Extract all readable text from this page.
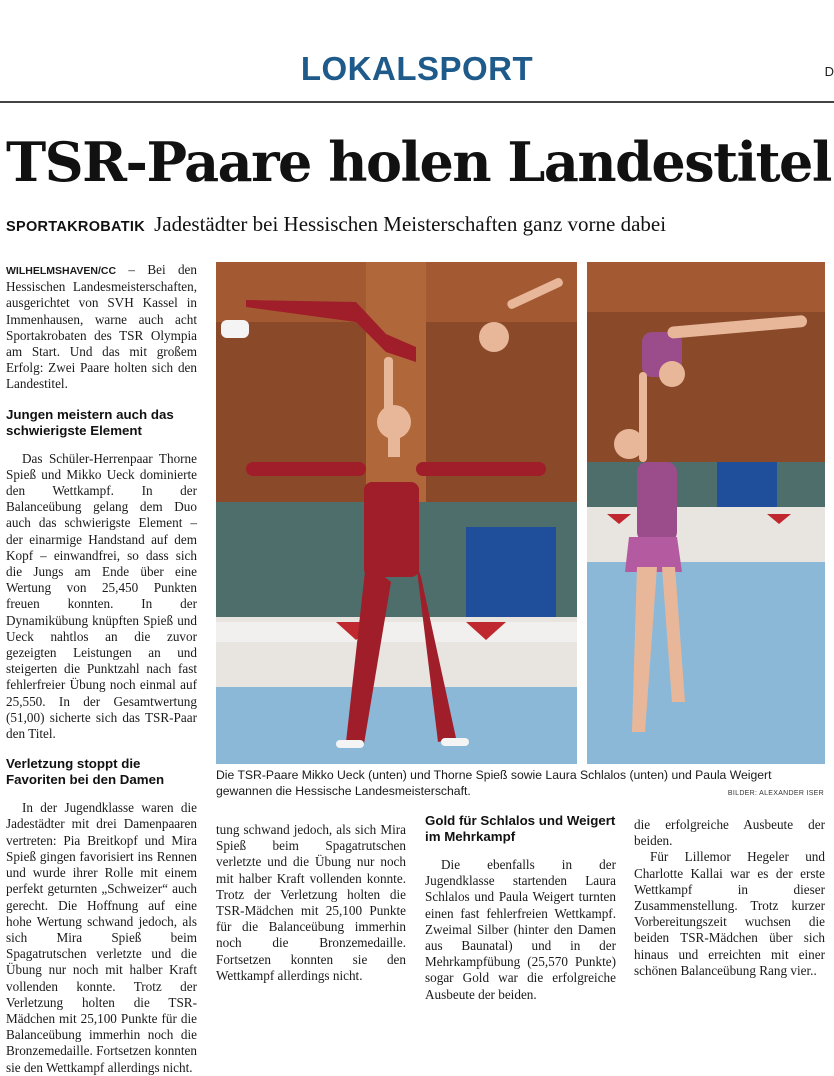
LOKALSPORT	D
TSR-Paare holen Landestitel
SPORTAKROBATIK Jadestädter bei Hessischen Meisterschaften ganz vorne dabei

WILHELMSHAVEN/CC – Bei den Hessischen Landesmeisterschaften, ausgerichtet von SVH Kassel in Immenhausen, warne auch acht Sportakrobaten des TSR Olympia am Start. Und das mit großem Erfolg: Zwei Paare holten sich den Landestitel.

Jungen meistern auch das schwierigste Element

Das Schüler-Herrenpaar Thorne Spieß und Mikko Ueck dominierte den Wettkampf. In der Balanceübung gelang dem Duo auch das schwierigste Element – der einarmige Handstand auf dem Kopf – einwandfrei, so dass sich die Jungs am Ende über eine Wertung von 25,450 Punkten freuen konnten. In der Dynamikübung knüpften Spieß und Ueck nahtlos an die zuvor gezeigten Leistungen an und steigerten die Punktzahl nach fast fehlerfreier Übung noch einmal auf 25,550. In der Gesamtwertung (51,00) sicherte sich das TSR-Paar den Titel.

Verletzung stoppt die Favoriten bei den Damen

In der Jugendklasse waren die Jadestädter mit drei Damenpaaren vertreten: Pia Breitkopf und Mira Spieß gingen favorisiert ins Rennen und wurde ihrer Rolle mit einem perfekt geturnten „Schweizer“ auch gerecht. Die Hoffnung auf eine hohe Wertung schwand jedoch, als sich Mira Spieß beim Spagatrutschen verletzte und die Übung nur noch mit halber Kraft vollenden konnte. Trotz der Verletzung holten die TSR-Mädchen mit 25,100 Punkte für die Balanceübung immerhin noch die Bronzemedaille. Fortsetzen konnten sie den Wettkampf allerdings nicht.

Die TSR-Paare Mikko Ueck (unten) und Thorne Spieß sowie Laura Schlalos (unten) und Paula Weigert gewannen die Hessische Landesmeisterschaft.	BILDER: ALEXANDER ISER

tung schwand jedoch, als sich Mira Spieß beim Spagatrutschen verletzte und die Übung nur noch mit halber Kraft vollenden konnte. Trotz der Verletzung holten die TSR-Mädchen mit 25,100 Punkte für die Balanceübung immerhin noch die Bronzemedaille. Fortsetzen konnten sie den Wettkampf allerdings nicht.

Gold für Schlalos und Weigert im Mehrkampf

Die ebenfalls in der Jugendklasse startenden Laura Schlalos und Paula Weigert turnten einen fast fehlerfreien Wettkampf. Zweimal Silber (hinter den Damen aus Baunatal) und in der Mehrkampfübung (25,570 Punkte) sogar Gold war die erfolgreiche Ausbeute der beiden.

die erfolgreiche Ausbeute der beiden.

Für Lillemor Hegeler und Charlotte Kallai war es der erste Wettkampf in dieser Zusammenstellung. Trotz kurzer Vorbereitungszeit wuchsen die beiden TSR-Mädchen über sich hinaus und erreichten mit einer schönen Balanceübung Rang vier..
